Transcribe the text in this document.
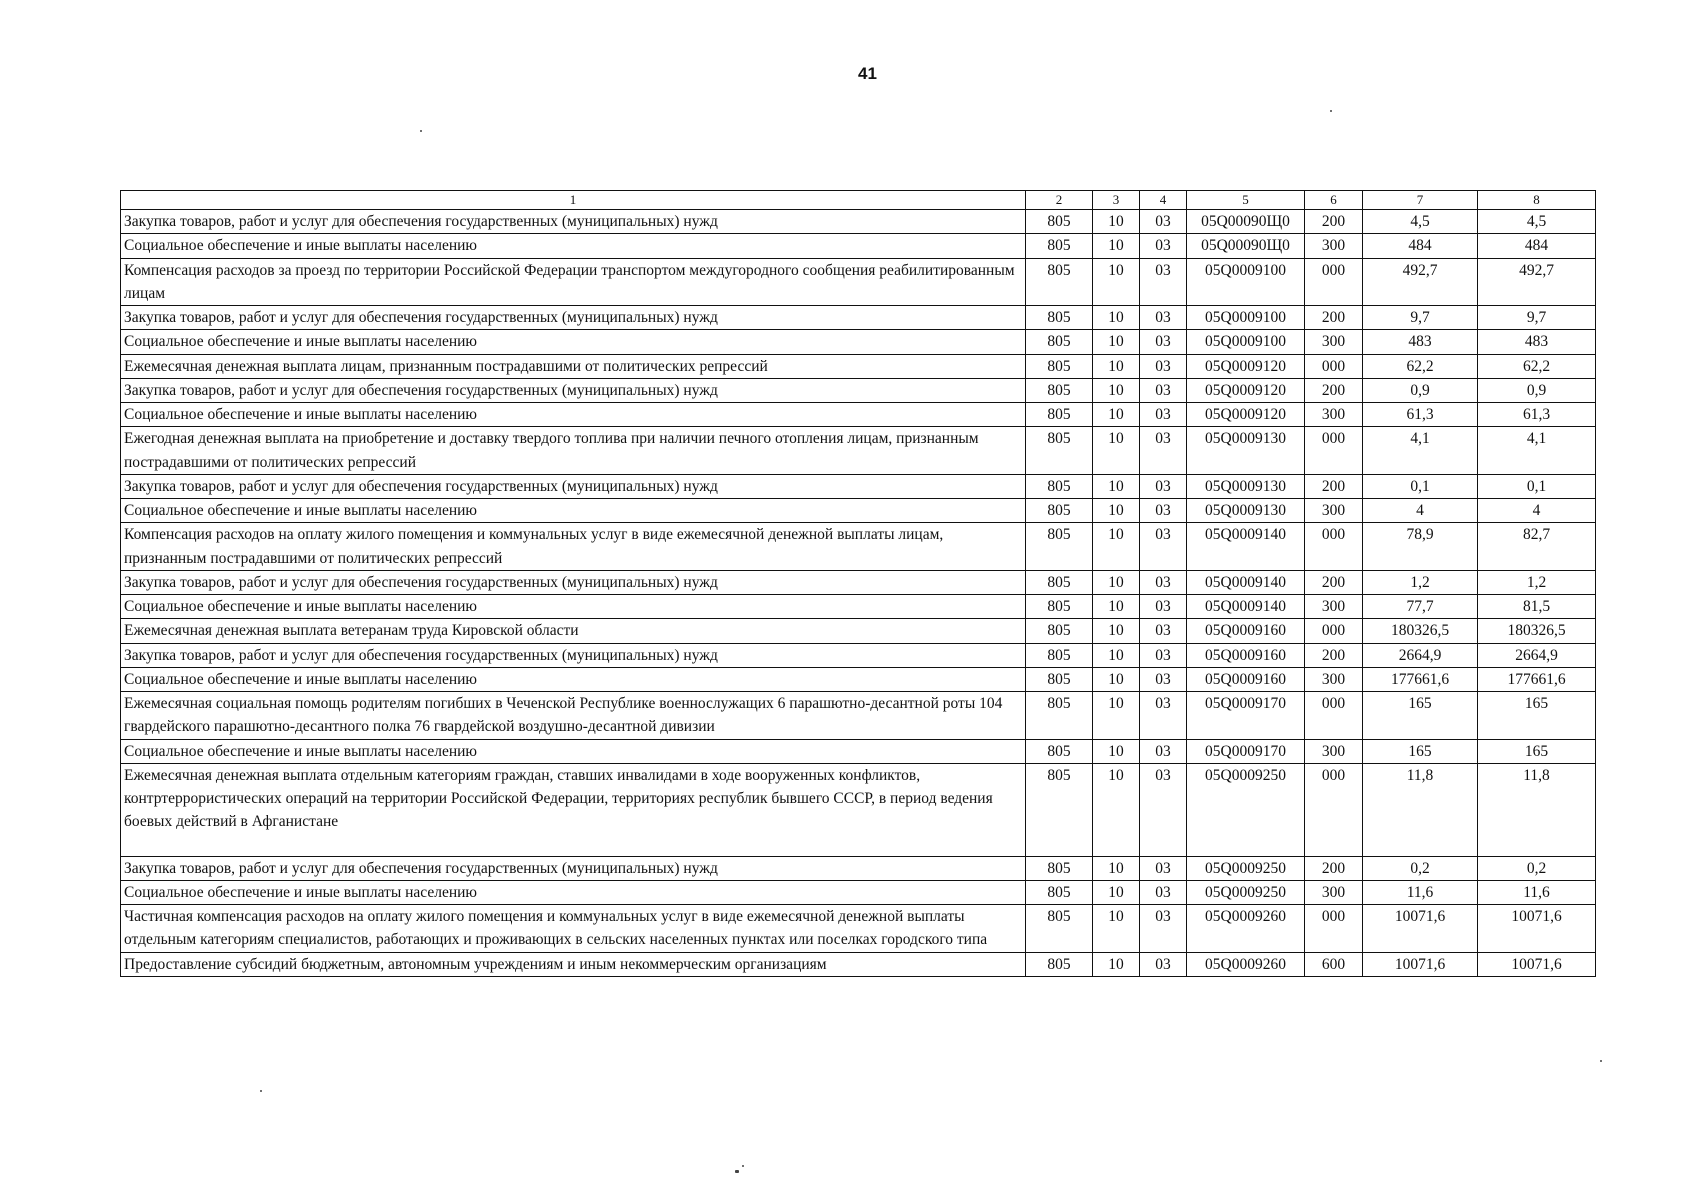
41
1	2	3	4	5	6	7	8
Закупка товаров, работ и услуг для обеспечения государственных (муниципальных) нужд	805	10	03	05Q00090Щ0	200	4,5	4,5
Социальное обеспечение и иные выплаты населению	805	10	03	05Q00090Щ0	300	484	484
Компенсация расходов за проезд по территории Российской Федерации транспортом междугородного сообщения реабилитированным лицам	805	10	03	05Q0009100	000	492,7	492,7
Закупка товаров, работ и услуг для обеспечения государственных (муниципальных) нужд	805	10	03	05Q0009100	200	9,7	9,7
Социальное обеспечение и иные выплаты населению	805	10	03	05Q0009100	300	483	483
Ежемесячная денежная выплата лицам, признанным пострадавшими от политических репрессий	805	10	03	05Q0009120	000	62,2	62,2
Закупка товаров, работ и услуг для обеспечения государственных (муниципальных) нужд	805	10	03	05Q0009120	200	0,9	0,9
Социальное обеспечение и иные выплаты населению	805	10	03	05Q0009120	300	61,3	61,3
Ежегодная денежная выплата на приобретение и доставку твердого топлива при наличии печного отопления лицам, признанным пострадавшими от политических репрессий	805	10	03	05Q0009130	000	4,1	4,1
Закупка товаров, работ и услуг для обеспечения государственных (муниципальных) нужд	805	10	03	05Q0009130	200	0,1	0,1
Социальное обеспечение и иные выплаты населению	805	10	03	05Q0009130	300	4	4
Компенсация расходов на оплату жилого помещения и коммунальных услуг в виде ежемесячной денежной выплаты лицам, признанным пострадавшими от политических репрессий	805	10	03	05Q0009140	000	78,9	82,7
Закупка товаров, работ и услуг для обеспечения государственных (муниципальных) нужд	805	10	03	05Q0009140	200	1,2	1,2
Социальное обеспечение и иные выплаты населению	805	10	03	05Q0009140	300	77,7	81,5
Ежемесячная денежная выплата ветеранам труда Кировской области	805	10	03	05Q0009160	000	180326,5	180326,5
Закупка товаров, работ и услуг для обеспечения государственных (муниципальных) нужд	805	10	03	05Q0009160	200	2664,9	2664,9
Социальное обеспечение и иные выплаты населению	805	10	03	05Q0009160	300	177661,6	177661,6
Ежемесячная социальная помощь родителям погибших в Чеченской Республике военнослужащих 6 парашютно-десантной роты 104 гвардейского парашютно-десантного полка 76 гвардейской воздушно-десантной дивизии	805	10	03	05Q0009170	000	165	165
Социальное обеспечение и иные выплаты населению	805	10	03	05Q0009170	300	165	165
Ежемесячная денежная выплата отдельным категориям граждан, ставших инвалидами в ходе вооруженных конфликтов, контртеррористических операций на территории Российской Федерации, территориях республик бывшего СССР, в период ведения боевых действий в Афганистане	805	10	03	05Q0009250	000	11,8	11,8
Закупка товаров, работ и услуг для обеспечения государственных (муниципальных) нужд	805	10	03	05Q0009250	200	0,2	0,2
Социальное обеспечение и иные выплаты населению	805	10	03	05Q0009250	300	11,6	11,6
Частичная компенсация расходов на оплату жилого помещения и коммунальных услуг в виде ежемесячной денежной выплаты отдельным категориям специалистов, работающих и проживающих в сельских населенных пунктах или поселках городского типа	805	10	03	05Q0009260	000	10071,6	10071,6
Предоставление субсидий бюджетным, автономным учреждениям и иным некоммерческим организациям	805	10	03	05Q0009260	600	10071,6	10071,6
